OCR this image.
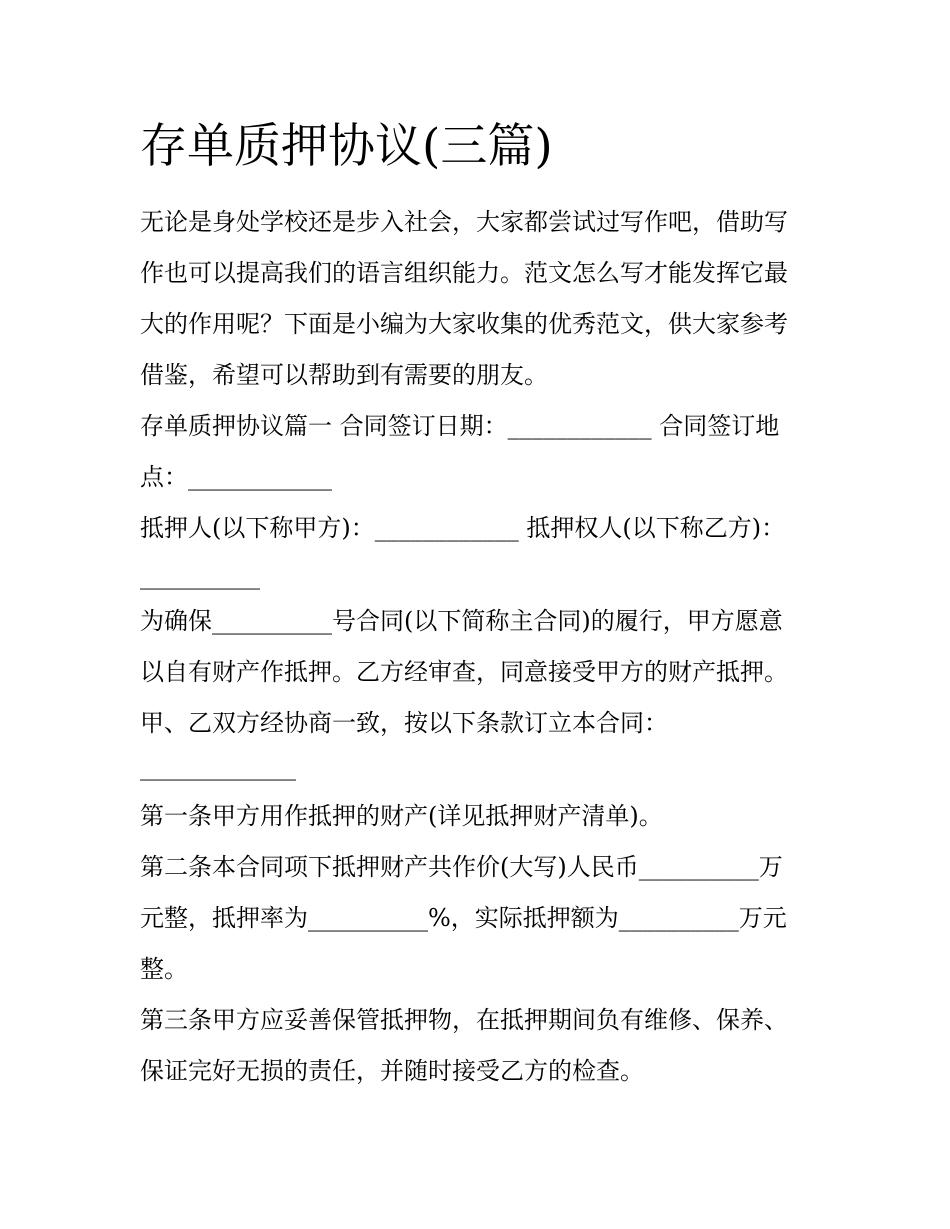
存单质押协议(三篇)

无论是身处学校还是步入社会，大家都尝试过写作吧，借助写

作也可以提高我们的语言组织能力。范文怎么写才能发挥它最

大的作用呢？下面是小编为大家收集的优秀范文，供大家参考

借鉴，希望可以帮助到有需要的朋友。

存单质押协议篇一 合同签订日期：____________ 合同签订地

点：____________

抵押人(以下称甲方)：____________ 抵押权人(以下称乙方)：

__________

为确保__________号合同(以下简称主合同)的履行，甲方愿意

以自有财产作抵押。乙方经审查，同意接受甲方的财产抵押。

甲、乙双方经协商一致，按以下条款订立本合同：

_____________

第一条甲方用作抵押的财产(详见抵押财产清单)。

第二条本合同项下抵押财产共作价(大写)人民币__________万

元整，抵押率为__________%，实际抵押额为__________万元

整。

第三条甲方应妥善保管抵押物，在抵押期间负有维修、保养、

保证完好无损的责任，并随时接受乙方的检查。
